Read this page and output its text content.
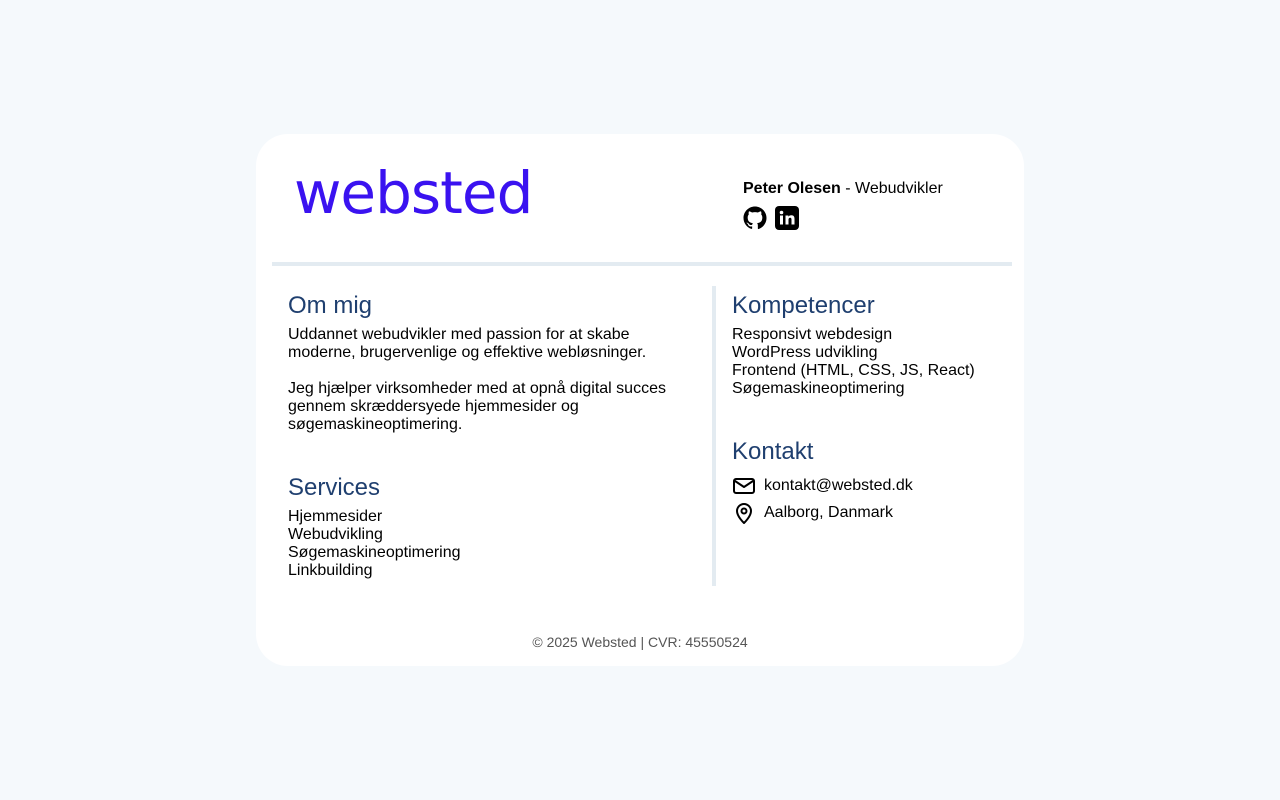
websted	Peter Olesen - Webudvikler
Om mig

Uddannet webudvikler med passion for at skabe moderne, brugervenlige og effektive webløsninger.

Jeg hjælper virksomheder med at opnå digital succes gennem skræddersyede hjemmesider og søgemaskineoptimering.

Services
Hjemmesider
Webudvikling
Søgemaskineoptimering
Linkbuilding
Kompetencer
Responsivt webdesign
WordPress udvikling
Frontend (HTML, CSS, JS, React)
Søgemaskineoptimering
Kontakt
kontakt@websted.dk
Aalborg, Danmark
© 2025 Websted | CVR: 45550524
